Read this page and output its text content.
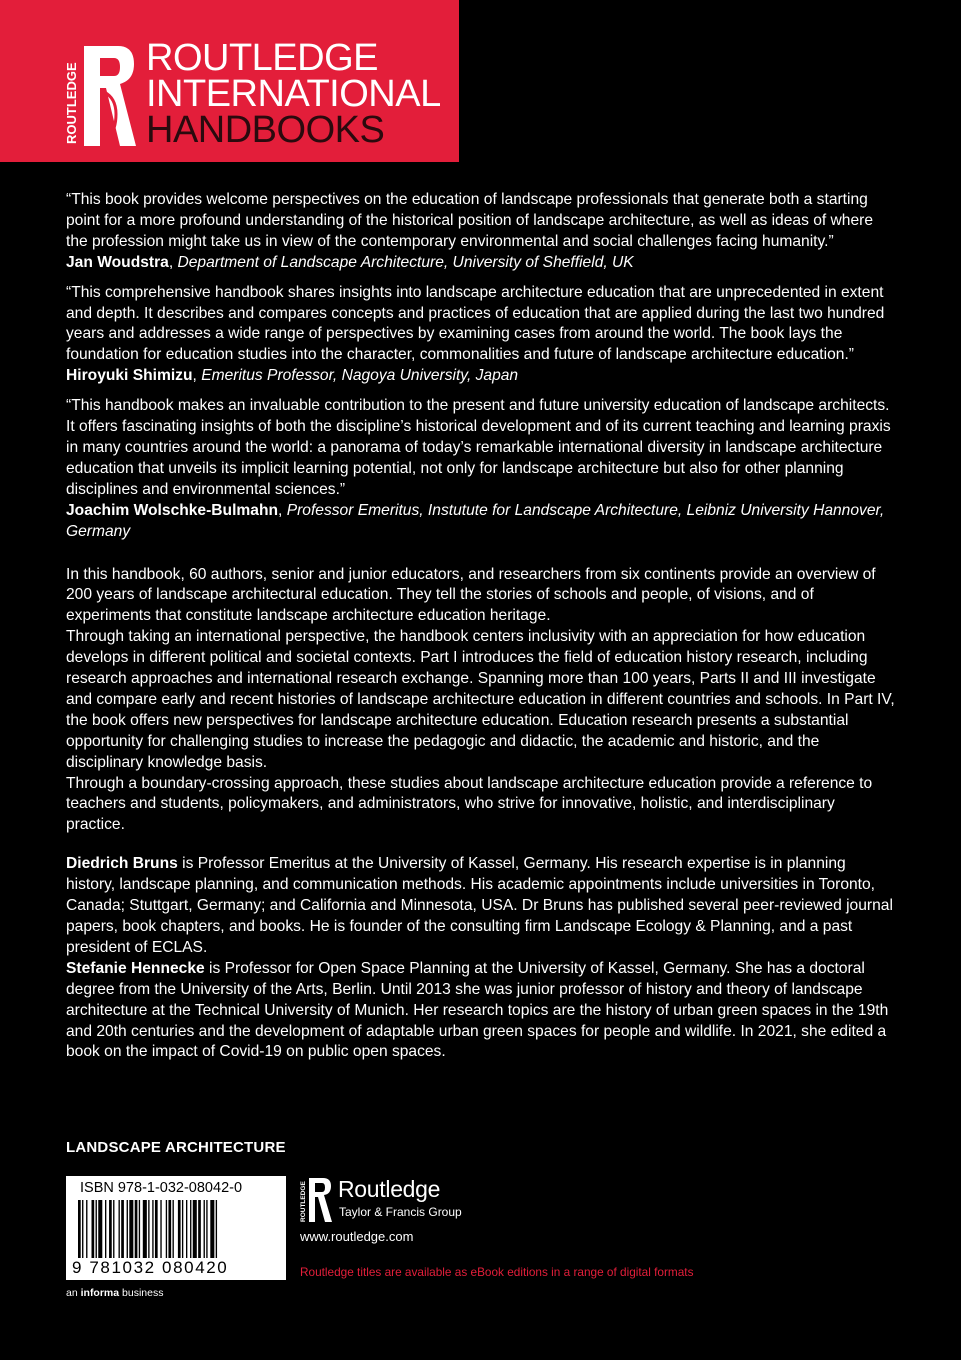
ROUTLEDGE
ROUTLEDGE
INTERNATIONAL
HANDBOOKS

“This book provides welcome perspectives on the education of landscape professionals that generate both a starting point for a more profound understanding of the historical position of landscape architecture, as well as ideas of where the profession might take us in view of the contemporary environmental and social challenges facing humanity.”

Jan Woudstra, Department of Landscape Architecture, University of Sheffield, UK

“This comprehensive handbook shares insights into landscape architecture education that are unprecedented in extent and depth. It describes and compares concepts and practices of education that are applied during the last two hundred years and addresses a wide range of perspectives by examining cases from around the world. The book lays the foundation for education studies into the character, commonalities and future of landscape architecture education.”

Hiroyuki Shimizu, Emeritus Professor, Nagoya University, Japan

“This handbook makes an invaluable contribution to the present and future university education of landscape architects. It offers fascinating insights of both the discipline’s historical development and of its current teaching and learning praxis in many countries around the world: a panorama of today’s remarkable international diversity in landscape architecture education that unveils its implicit learning potential, not only for landscape architecture but also for other planning disciplines and environmental sciences.”

Joachim Wolschke-Bulmahn, Professor Emeritus, Instutute for Landscape Architecture, Leibniz University Hannover, Germany

In this handbook, 60 authors, senior and junior educators, and researchers from six continents provide an overview of 200 years of landscape architectural education. They tell the stories of schools and people, of visions, and of experiments that constitute landscape architecture education heritage.

Through taking an international perspective, the handbook centers inclusivity with an appreciation for how education develops in different political and societal contexts. Part I introduces the field of education history research, including research approaches and international research exchange. Spanning more than 100 years, Parts II and III investigate and compare early and recent histories of landscape architecture education in different countries and schools. In Part IV, the book offers new perspectives for landscape architecture education. Education research presents a substantial opportunity for challenging studies to increase the pedagogic and didactic, the academic and historic, and the disciplinary knowledge basis.

Through a boundary-crossing approach, these studies about landscape architecture education provide a reference to teachers and students, policymakers, and administrators, who strive for innovative, holistic, and interdisciplinary practice.

Diedrich Bruns is Professor Emeritus at the University of Kassel, Germany. His research expertise is in planning history, landscape planning, and communication methods. His academic appointments include universities in Toronto, Canada; Stuttgart, Germany; and California and Minnesota, USA. Dr Bruns has published several peer-reviewed journal papers, book chapters, and books. He is founder of the consulting firm Landscape Ecology & Planning, and a past president of ECLAS.

Stefanie Hennecke is Professor for Open Space Planning at the University of Kassel, Germany. She has a doctoral degree from the University of the Arts, Berlin. Until 2013 she was junior professor of history and theory of landscape architecture at the Technical University of Munich. Her research topics are the history of urban green spaces in the 19th and 20th centuries and the development of adaptable urban green spaces for people and wildlife. In 2021, she edited a book on the impact of Covid-19 on public open spaces.

LANDSCAPE ARCHITECTURE
ISBN 978-1-032-08042-0
9 781032 080420
an informa business
ROUTLEDGE Routledge
Taylor & Francis Group
www.routledge.com
Routledge titles are available as eBook editions in a range of digital formats
